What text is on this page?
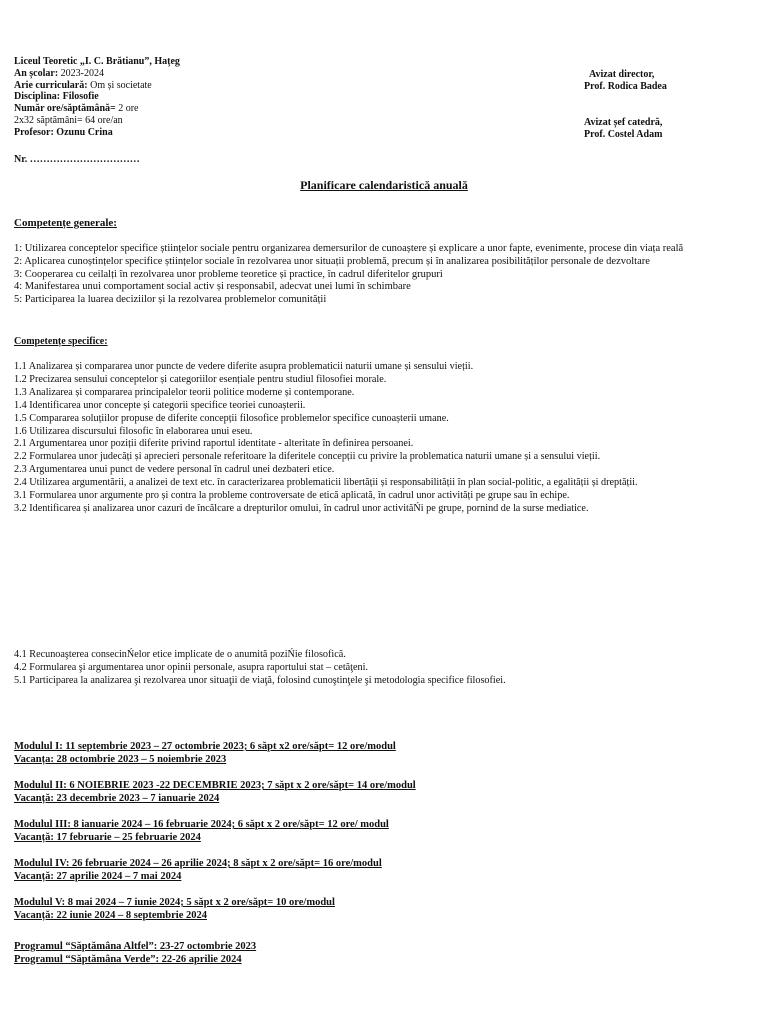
Liceul Teoretic „I. C. Brătianu”, Hațeg
An școlar: 2023-2024
Arie curriculară: Om și societate
Disciplina: Filosofie
Număr ore/săptămână= 2 ore
2x32 săptămâni= 64 ore/an
Profesor: Ozunu Crina
Avizat director,
Prof. Rodica Badea
Avizat șef catedră,
Prof. Costel Adam
Nr. ……………………………
Planificare calendaristică anuală
Competențe generale:
1: Utilizarea conceptelor specifice științelor sociale pentru organizarea demersurilor de cunoaștere și explicare a unor fapte, evenimente, procese din viața reală
2: Aplicarea cunoștințelor specifice științelor sociale în rezolvarea unor situații problemă, precum și în analizarea posibilităților personale de dezvoltare
3: Cooperarea cu ceilalți în rezolvarea unor probleme teoretice și practice, în cadrul diferitelor grupuri
4: Manifestarea unui comportament social activ și responsabil, adecvat unei lumi în schimbare
5: Participarea la luarea deciziilor și la rezolvarea problemelor comunității
Competențe specifice:
1.1 Analizarea și compararea unor puncte de vedere diferite asupra problematicii naturii umane și sensului vieții.
1.2 Precizarea sensului conceptelor și categoriilor esențiale pentru studiul filosofiei morale.
1.3 Analizarea și compararea principalelor teorii politice moderne și contemporane.
1.4 Identificarea unor concepte și categorii specifice teoriei cunoașterii.
1.5 Compararea soluțiilor propuse de diferite concepții filosofice problemelor specifice cunoașterii umane.
1.6 Utilizarea discursului filosofic în elaborarea unui eseu.
2.1 Argumentarea unor poziții diferite privind raportul identitate - alteritate în definirea persoanei.
2.2 Formularea unor judecăți și aprecieri personale referitoare la diferitele concepții cu privire la problematica naturii umane și a sensului vieții.
2.3 Argumentarea unui punct de vedere personal în cadrul unei dezbateri etice.
2.4 Utilizarea argumentării, a analizei de text etc. în caracterizarea problematicii libertății și responsabilității în plan social-politic, a egalității și dreptății.
3.1 Formularea unor argumente pro și contra la probleme controversate de etică aplicată, în cadrul unor activități pe grupe sau în echipe.
3.2 Identificarea și analizarea unor cazuri de încălcare a drepturilor omului, în cadrul unor activităŃi pe grupe, pornind de la surse mediatice.
4.1 Recunoaşterea consecinŃelor etice implicate de o anumită poziŃie filosofică.
4.2 Formularea şi argumentarea unor opinii personale, asupra raportului stat – cetăţeni.
5.1 Participarea la analizarea şi rezolvarea unor situaţii de viaţă, folosind cunoştinţele şi metodologia specifice filosofiei.
Modulul I: 11 septembrie 2023 – 27 octombrie 2023; 6 săpt x2 ore/săpt= 12 ore/modul
Vacanța: 28 octombrie 2023 – 5 noiembrie 2023
Modulul II: 6 NOIEBRIE 2023 -22 DECEMBRIE 2023; 7 săpt x 2 ore/săpt= 14 ore/modul
Vacanță: 23 decembrie 2023 – 7 ianuarie 2024
Modulul III: 8 ianuarie 2024 – 16 februarie 2024; 6 săpt x 2 ore/săpt= 12 ore/ modul
Vacanță: 17 februarie – 25 februarie 2024
Modulul IV: 26 februarie 2024 – 26 aprilie 2024; 8 săpt x 2 ore/săpt= 16 ore/modul
Vacanță: 27 aprilie 2024 – 7 mai 2024
Modulul V: 8 mai 2024 – 7 iunie 2024; 5 săpt x 2 ore/săpt= 10 ore/modul
Vacanță: 22 iunie 2024 – 8 septembrie 2024
Programul “Săptămâna Altfel”: 23-27 octombrie 2023
Programul “Săptămâna Verde”: 22-26 aprilie 2024
